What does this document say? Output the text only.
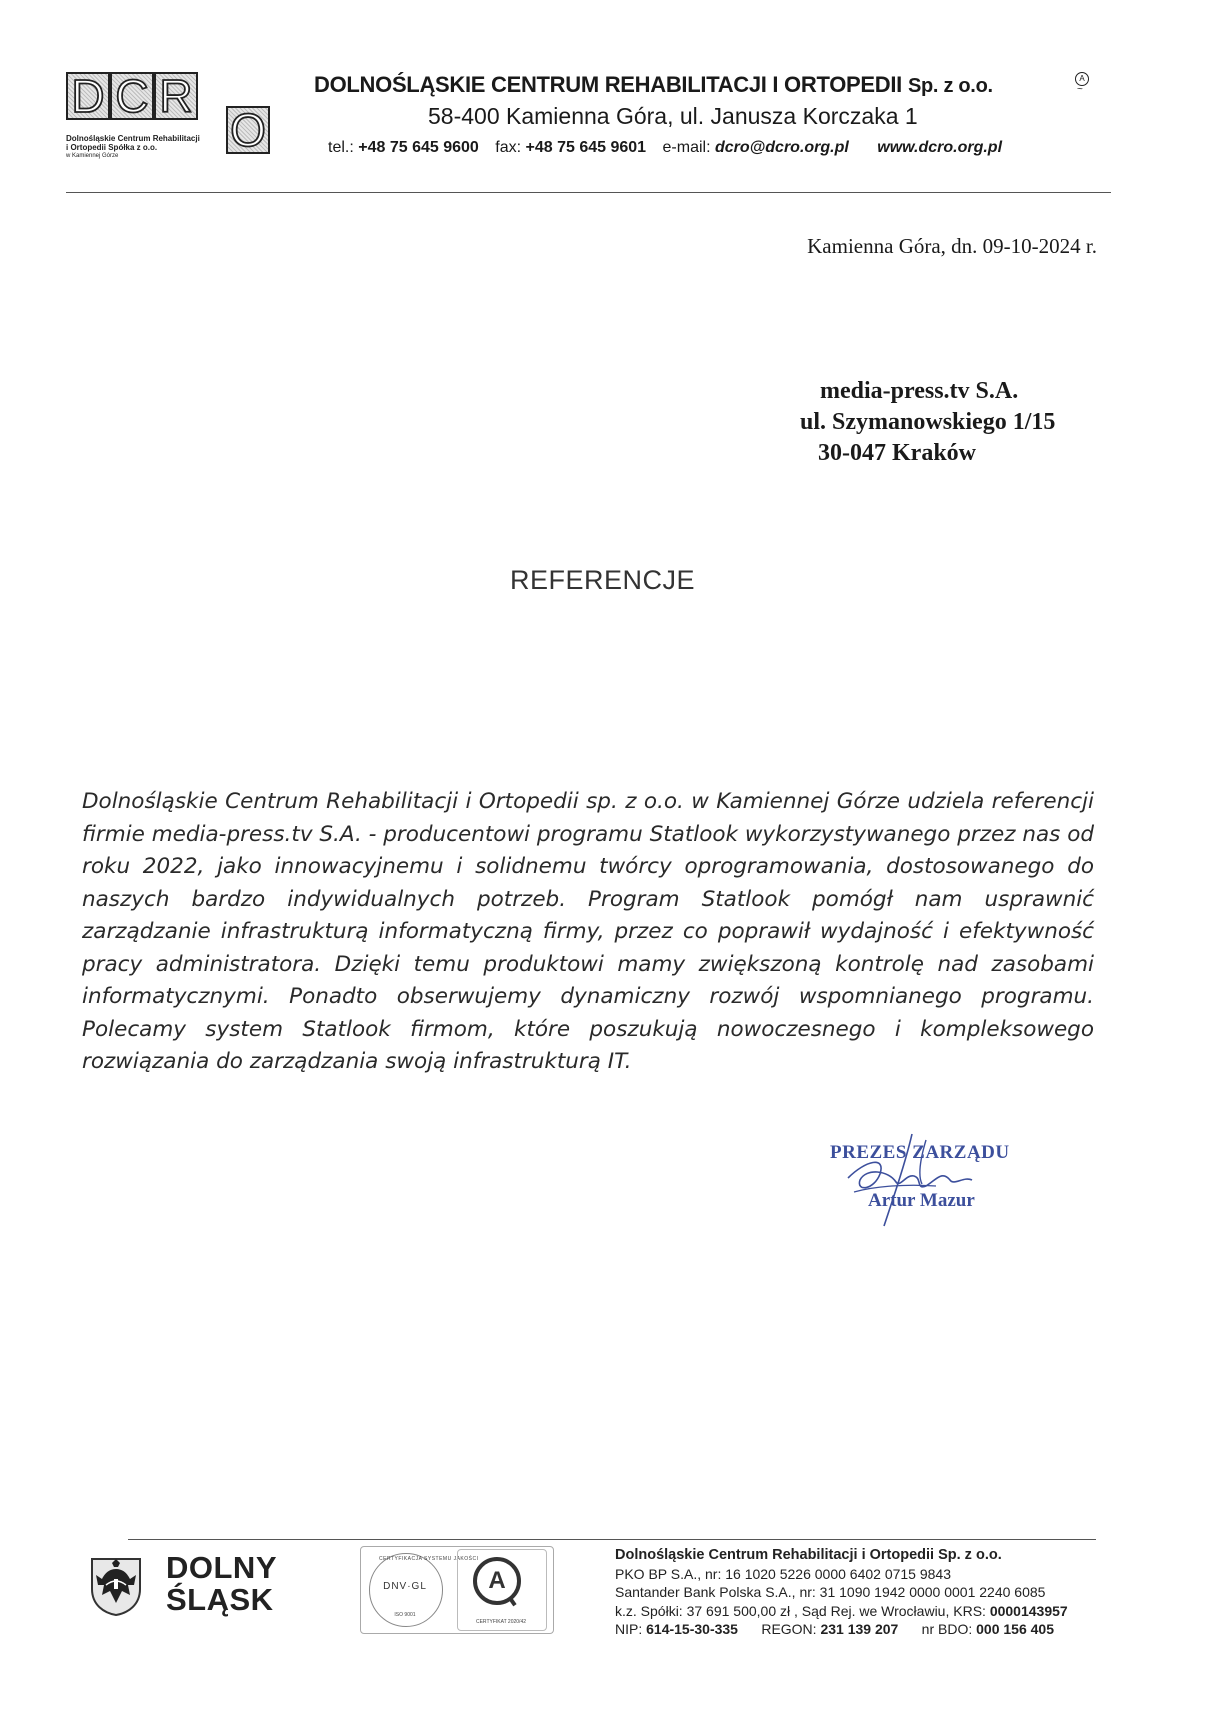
D C R
O
Dolnośląskie Centrum Rehabilitacji
i Ortopedii Spółka z o.o.
w Kamiennej Górze
DOLNOŚLĄSKIE CENTRUM REHABILITACJI I ORTOPEDII Sp. z o.o.	A
~
58-400 Kamienna Góra, ul. Janusza Korczaka 1
tel.: +48 75 645 9600 fax: +48 75 645 9601 e-mail: dcro@dcro.org.pl www.dcro.org.pl
Kamienna Góra, dn. 09-10-2024 r.
media-press.tv S.A.
ul. Szymanowskiego 1/15
30-047 Kraków
REFERENCJE
Dolnośląskie Centrum Rehabilitacji i Ortopedii sp. z o.o. w Kamiennej Górze udziela referencji firmie media-press.tv S.A. - producentowi programu Statlook wykorzystywanego przez nas od roku 2022, jako innowacyjnemu i solidnemu twórcy oprogramowania, dostosowanego do naszych bardzo indywidualnych potrzeb. Program Statlook pomógł nam usprawnić zarządzanie infrastrukturą informatyczną firmy, przez co poprawił wydajność i efektywność pracy administratora. Dzięki temu produktowi mamy zwiększoną kontrolę nad zasobami informatycznymi. Ponadto obserwujemy dynamiczny rozwój wspomnianego programu. Polecamy system Statlook firmom, które poszukują nowoczesnego i kompleksowego rozwiązania do zarządzania swoją infrastrukturą IT.
PREZES ZARZĄDU
Artur Mazur
DOLNY
ŚLĄSK
CERTYFIKACJA SYSTEMU JAKOŚCI
DNV·GL
ISO 9001
A
CERTYFIKAT 2020/42
Dolnośląskie Centrum Rehabilitacji i Ortopedii Sp. z o.o.
PKO BP S.A., nr: 16 1020 5226 0000 6402 0715 9843
Santander Bank Polska S.A., nr: 31 1090 1942 0000 0001 2240 6085
k.z. Spółki: 37 691 500,00 zł , Sąd Rej. we Wrocławiu, KRS: 0000143957
NIP: 614-15-30-335 REGON: 231 139 207 nr BDO: 000 156 405
